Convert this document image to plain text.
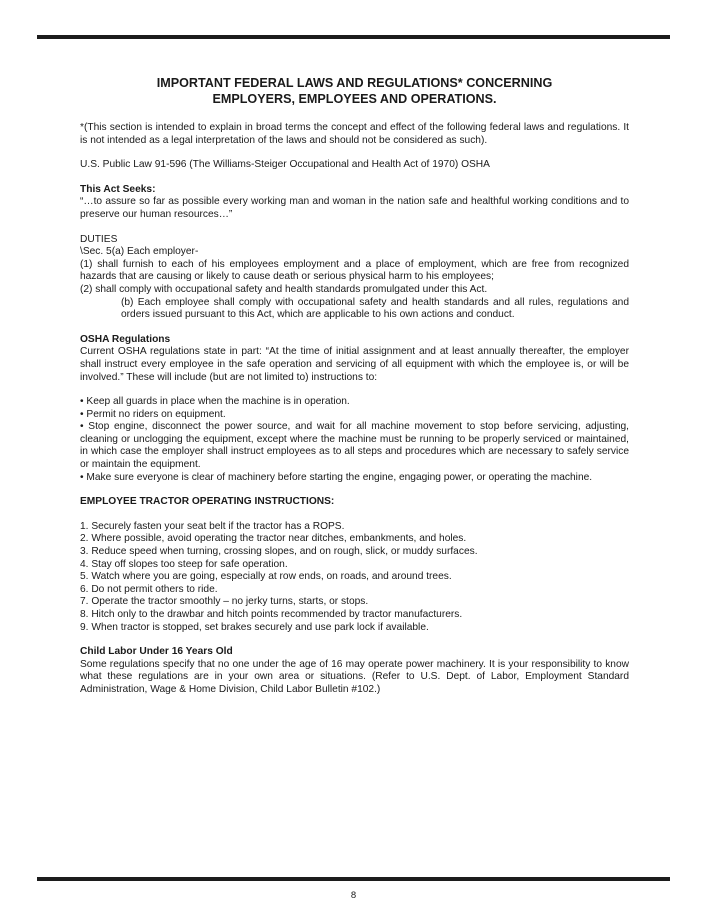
IMPORTANT FEDERAL LAWS AND REGULATIONS* CONCERNING
EMPLOYERS, EMPLOYEES AND OPERATIONS.

*(This section is intended to explain in broad terms the concept and effect of the following federal laws and regulations. It is not intended as a legal interpretation of the laws and should not be considered as such).

U.S. Public Law 91-596 (The Williams-Steiger Occupational and Health Act of 1970) OSHA

This Act Seeks:

“…to assure so far as possible every working man and woman in the nation safe and healthful working conditions and to preserve our human resources…”

DUTIES

\Sec. 5(a) Each employer-

(1) shall furnish to each of his employees employment and a place of employment, which are free from recognized hazards that are causing or likely to cause death or serious physical harm to his employees;

(2) shall comply with occupational safety and health standards promulgated under this Act.

(b) Each employee shall comply with occupational safety and health standards and all rules, regulations and orders issued pursuant to this Act, which are applicable to his own actions and conduct.

OSHA Regulations

Current OSHA regulations state in part: “At the time of initial assignment and at least annually thereafter, the employer shall instruct every employee in the safe operation and servicing of all equipment with which the employee is, or will be involved.” These will include (but are not limited to) instructions to:

• Keep all guards in place when the machine is in operation.

• Permit no riders on equipment.

• Stop engine, disconnect the power source, and wait for all machine movement to stop before servicing, adjusting, cleaning or unclogging the equipment, except where the machine must be running to be properly serviced or maintained, in which case the employer shall instruct employees as to all steps and procedures which are necessary to safely service or maintain the equipment.

• Make sure everyone is clear of machinery before starting the engine, engaging power, or operating the machine.

EMPLOYEE TRACTOR OPERATING INSTRUCTIONS:

1. Securely fasten your seat belt if the tractor has a ROPS.

2. Where possible, avoid operating the tractor near ditches, embankments, and holes.

3. Reduce speed when turning, crossing slopes, and on rough, slick, or muddy surfaces.

4. Stay off slopes too steep for safe operation.

5. Watch where you are going, especially at row ends, on roads, and around trees.

6. Do not permit others to ride.

7. Operate the tractor smoothly – no jerky turns, starts, or stops.

8. Hitch only to the drawbar and hitch points recommended by tractor manufacturers.

9. When tractor is stopped, set brakes securely and use park lock if available.

Child Labor Under 16 Years Old

Some regulations specify that no one under the age of 16 may operate power machinery. It is your responsibility to know what these regulations are in your own area or situations. (Refer to U.S. Dept. of Labor, Employment Standard Administration, Wage & Home Division, Child Labor Bulletin #102.)

8
